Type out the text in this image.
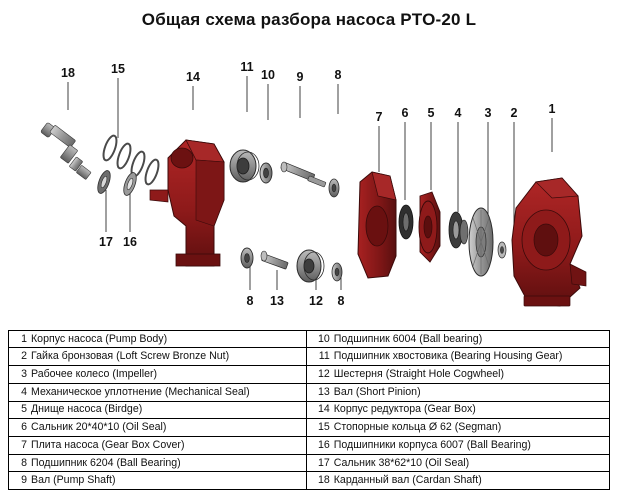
Общая схема разбора насоса PTO-20 L
18	15
14
11
10	9	8
7	6	5	4	3	2	1
17 16
8	13	12	8
1	Корпус насоса (Pump Body)		10	Подшипник 6004 (Ball bearing)
2	Гайка бронзовая (Loft Screw Bronze Nut)		11	Подшипник хвостовика (Bearing Housing Gear)
3	Рабочее колесо (Impeller)		12	Шестерня (Straight Hole Cogwheel)
4	Механическое уплотнение (Mechanical Seal)		13	Вал (Short Pinion)
5	Днище насоса (Birdge)		14	Корпус редуктора (Gear Box)
6	Сальник 20*40*10 (Oil Seal)		15	Стопорные кольца Ø 62 (Segman)
7	Плита насоса (Gear Box Cover)		16	Подшипники корпуса 6007 (Ball Bearing)
8	Подшипник 6204 (Ball Bearing)		17	Сальник 38*62*10 (Oil Seal)
9	Вал (Pump Shaft)		18	Карданный вал (Cardan Shaft)
